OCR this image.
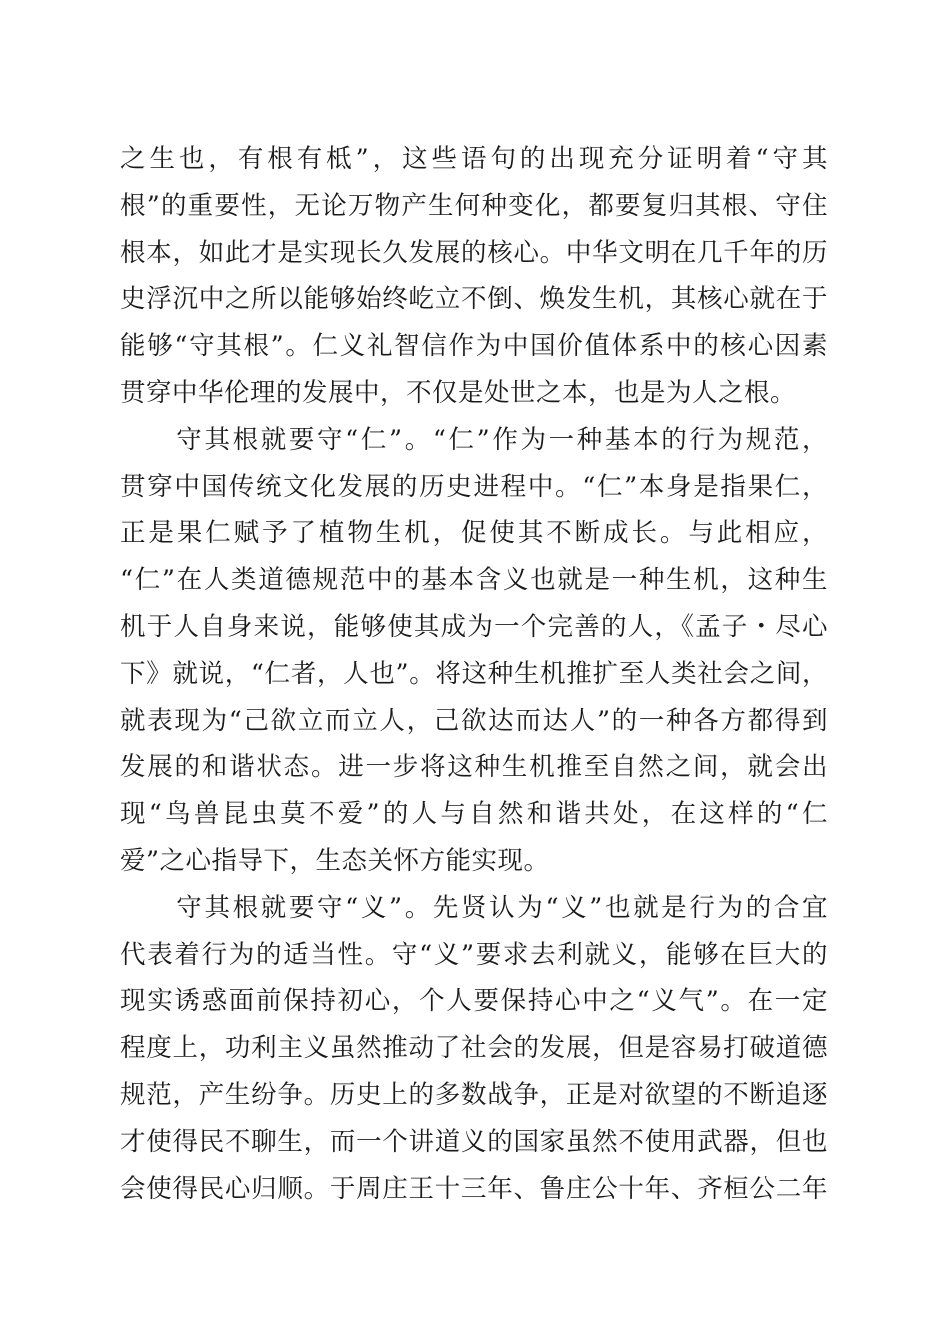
之生也，有根有柢”，这些语句的出现充分证明着“守其
根”的重要性，无论万物产生何种变化，都要复归其根、守住
根本，如此才是实现长久发展的核心。中华文明在几千年的历
史浮沉中之所以能够始终屹立不倒、焕发生机，其核心就在于
能够“守其根”。仁义礼智信作为中国价值体系中的核心因素
贯穿中华伦理的发展中，不仅是处世之本，也是为人之根。
　　守其根就要守“仁”。“仁”作为一种基本的行为规范，
贯穿中国传统文化发展的历史进程中。“仁”本身是指果仁，
正是果仁赋予了植物生机，促使其不断成长。与此相应，
“仁”在人类道德规范中的基本含义也就是一种生机，这种生
机于人自身来说，能够使其成为一个完善的人，《孟子・尽心
下》就说，“仁者，人也”。将这种生机推扩至人类社会之间，
就表现为“己欲立而立人，己欲达而达人”的一种各方都得到
发展的和谐状态。进一步将这种生机推至自然之间，就会出
现“鸟兽昆虫莫不爱”的人与自然和谐共处，在这样的“仁
爱”之心指导下，生态关怀方能实现。
　　守其根就要守“义”。先贤认为“义”也就是行为的合宜
代表着行为的适当性。守“义”要求去利就义，能够在巨大的
现实诱惑面前保持初心，个人要保持心中之“义气”。在一定
程度上，功利主义虽然推动了社会的发展，但是容易打破道德
规范，产生纷争。历史上的多数战争，正是对欲望的不断追逐
才使得民不聊生，而一个讲道义的国家虽然不使用武器，但也
会使得民心归顺。于周庄王十三年、鲁庄公十年、齐桓公二年
